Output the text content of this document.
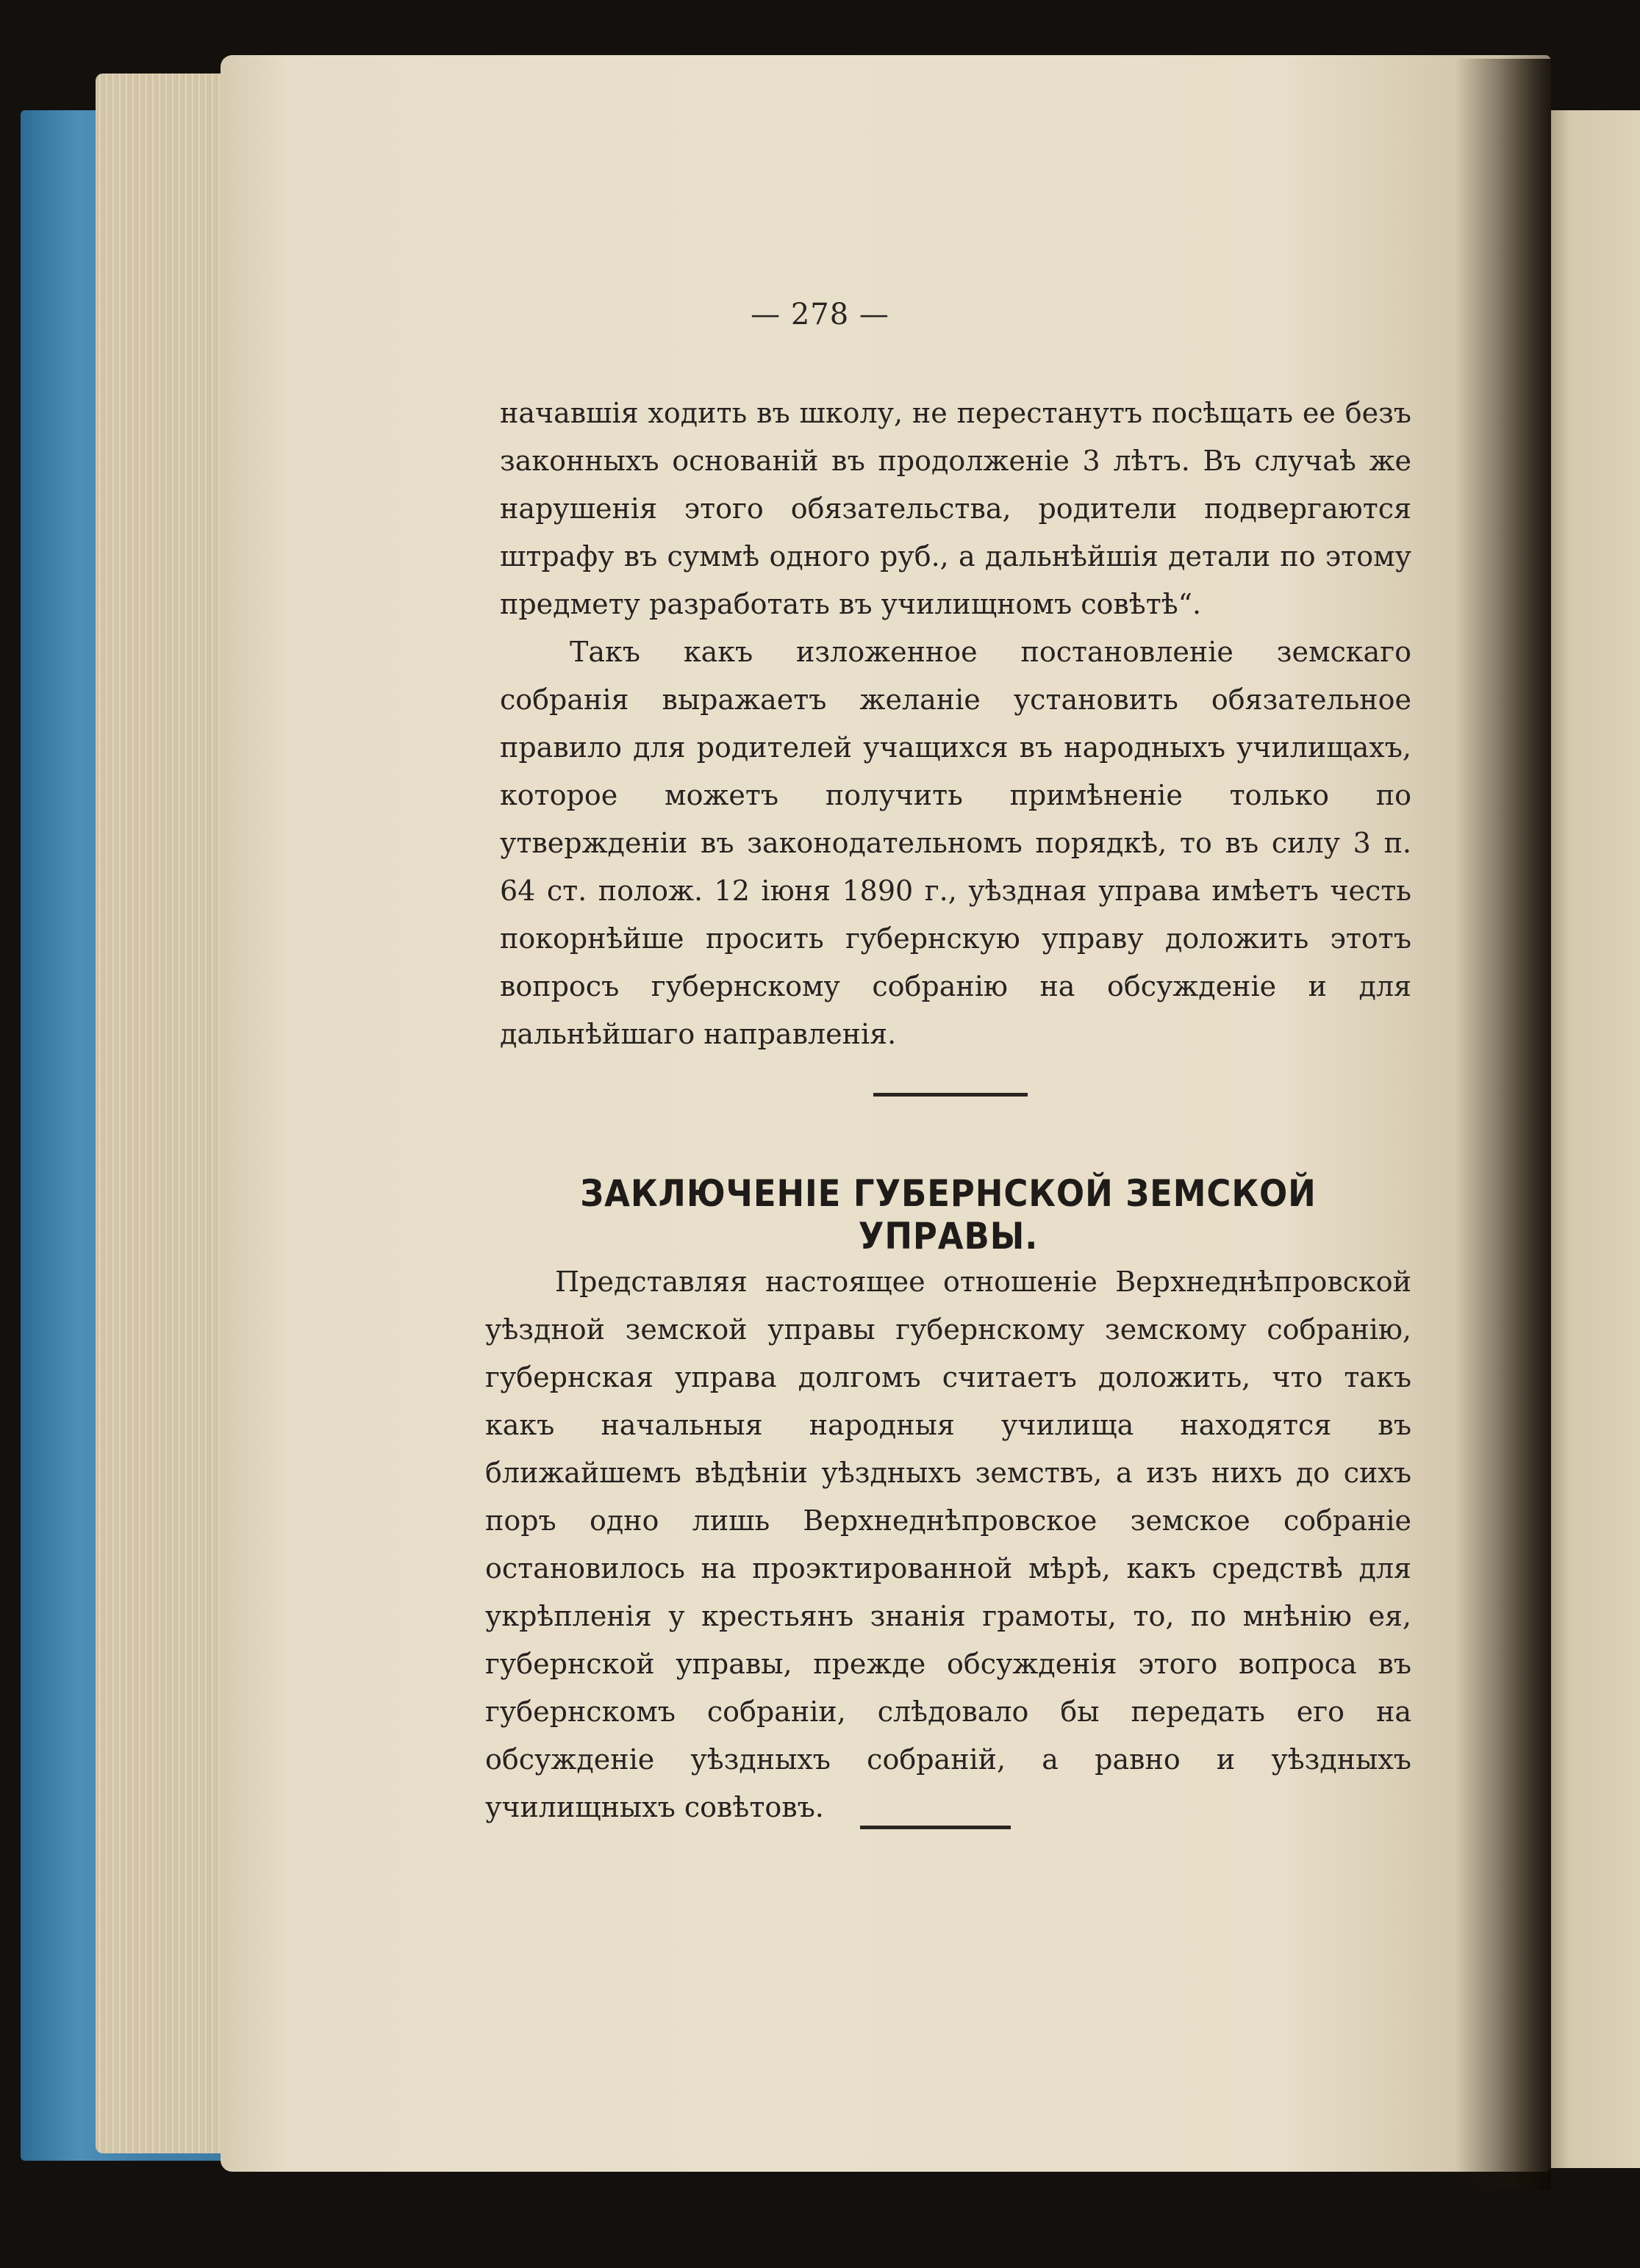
— 278 —

начавшія ходить въ школу, не перестанутъ посѣщать ее безъ законныхъ основаній въ продолженіе 3 лѣтъ. Въ случаѣ же нарушенія этого обязательства, родители подвергаются штрафу въ суммѣ одного руб., а дальнѣйшія детали по этому предмету разработать въ училищномъ совѣтѣ“.

Такъ какъ изложенное постановленіе земскаго собранія выражаетъ желаніе установить обязательное правило для родителей учащихся въ народныхъ училищахъ, которое можетъ получить примѣненіе только по утвержденіи въ законодательномъ порядкѣ, то въ силу 3 п. 64 ст. полож. 12 іюня 1890 г., уѣздная управа имѣетъ честь покорнѣйше просить губернскую управу доложить этотъ вопросъ губернскому собранію на обсужденіе и для дальнѣйшаго направленія.

ЗАКЛЮЧЕНІЕ ГУБЕРНСКОЙ ЗЕМСКОЙ УПРАВЫ.

Представляя настоящее отношеніе Верхнеднѣпровской уѣздной земской управы губернскому земскому собранію, губернская управа долгомъ считаетъ доложить, что такъ какъ начальныя народныя училища находятся въ ближайшемъ вѣдѣніи уѣздныхъ земствъ, а изъ нихъ до сихъ поръ одно лишь Верхнеднѣпровское земское собраніе остановилось на проэктированной мѣрѣ, какъ средствѣ для укрѣпленія у крестьянъ знанія грамоты, то, по мнѣнію ея, губернской управы, прежде обсужденія этого вопроса въ губернскомъ собраніи, слѣдовало бы передать его на обсужденіе уѣздныхъ собраній, а равно и уѣздныхъ училищныхъ совѣтовъ.
